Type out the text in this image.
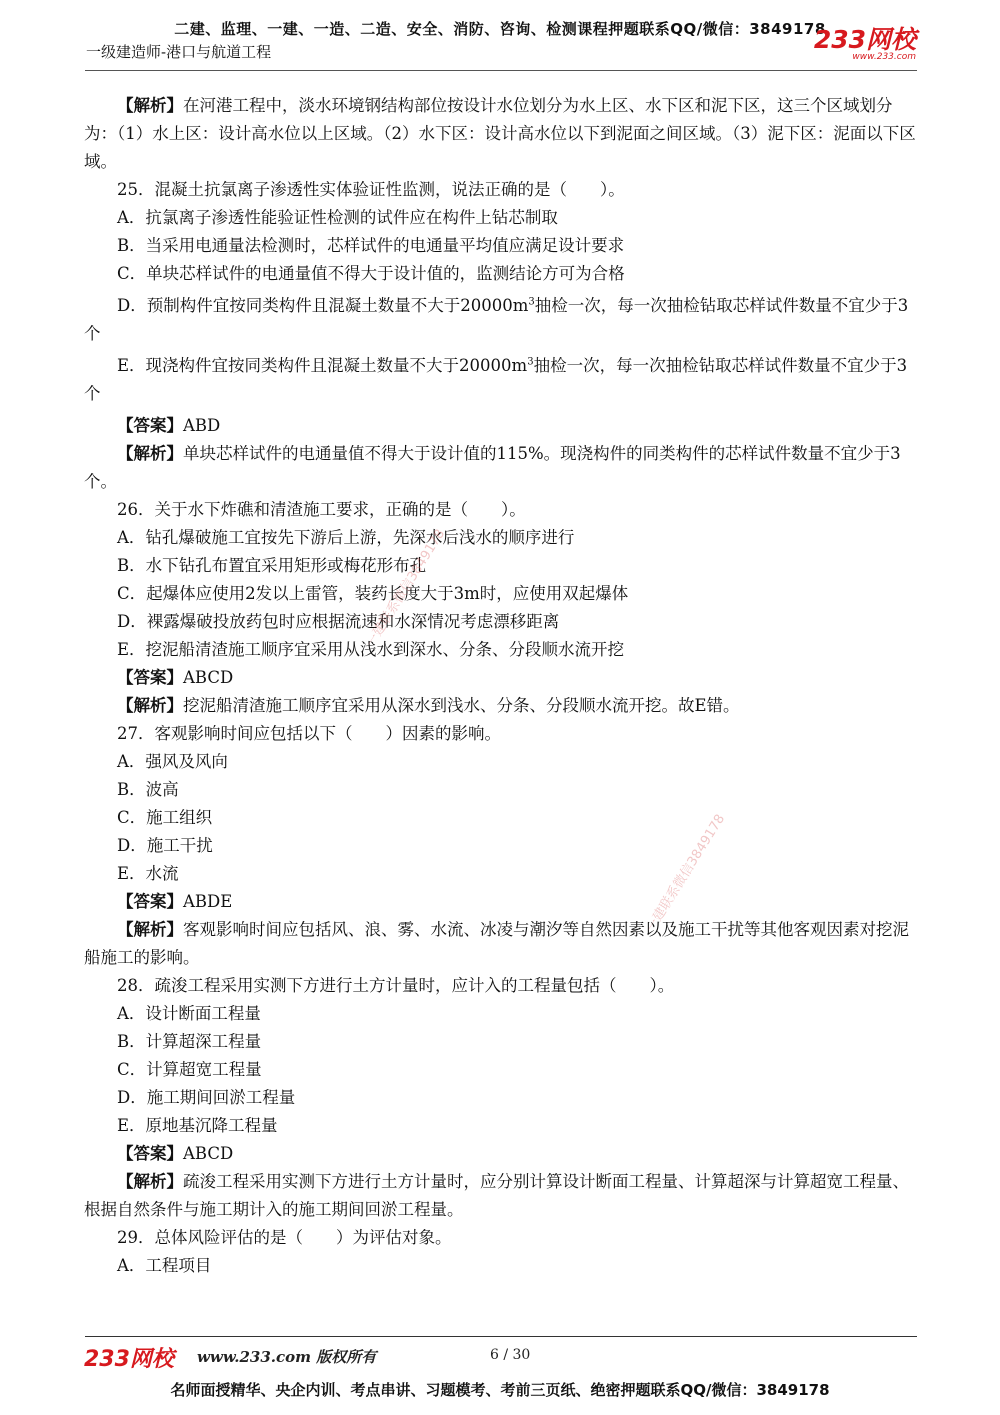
二建、监理、一建、一造、二造、安全、消防、咨询、检测课程押题联系QQ/微信：3849178
一级建造师-港口与航道工程	233网校
www.233.com
【解析】在河港工程中，淡水环境钢结构部位按设计水位划分为水上区、水下区和泥下区，这三个区域划分为：（1）水上区：设计高水位以上区域。（2）水下区：设计高水位以下到泥面之间区域。（3）泥下区：泥面以下区域。
25．混凝土抗氯离子渗透性实体验证性监测，说法正确的是（　　）。
A．抗氯离子渗透性能验证性检测的试件应在构件上钻芯制取
B．当采用电通量法检测时，芯样试件的电通量平均值应满足设计要求
C．单块芯样试件的电通量值不得大于设计值的，监测结论方可为合格
D．预制构件宜按同类构件且混凝土数量不大于$20000m^3$抽检一次，每一次抽检钻取芯样试件数量不宜少于3个
E．现浇构件宜按同类构件且混凝土数量不大于$20000m^3$抽检一次，每一次抽检钻取芯样试件数量不宜少于3个
【答案】ABD
【解析】单块芯样试件的电通量值不得大于设计值的115%。现浇构件的同类构件的芯样试件数量不宜少于3个。
26．关于水下炸礁和清渣施工要求，正确的是（　　）。
A．钻孔爆破施工宜按先下游后上游，先深水后浅水的顺序进行
B．水下钻孔布置宜采用矩形或梅花形布孔
C．起爆体应使用2发以上雷管，装药长度大于3m时，应使用双起爆体
D．裸露爆破投放药包时应根据流速和水深情况考虑漂移距离
E．挖泥船清渣施工顺序宜采用从浅水到深水、分条、分段顺水流开挖
【答案】ABCD
【解析】挖泥船清渣施工顺序宜采用从深水到浅水、分条、分段顺水流开挖。故E错。
27．客观影响时间应包括以下（　　）因素的影响。
A．强风及风向
B．波高
C．施工组织
D．施工干扰
E．水流
【答案】ABDE
【解析】客观影响时间应包括风、浪、雾、水流、冰凌与潮汐等自然因素以及施工干扰等其他客观因素对挖泥船施工的影响。
28．疏浚工程采用实测下方进行土方计量时，应计入的工程量包括（　　）。
A．设计断面工程量
B．计算超深工程量
C．计算超宽工程量
D．施工期间回淤工程量
E．原地基沉降工程量
【答案】ABCD
【解析】疏浚工程采用实测下方进行土方计量时，应分别计算设计断面工程量、计算超深与计算超宽工程量、根据自然条件与施工期计入的施工期间回淤工程量。
29．总体风险评估的是（　　）为评估对象。
A．工程项目
一建联系微信3849178
一建联系微信3849178
233网校 www.233.com 版权所有	6 / 30
名师面授精华、央企内训、考点串讲、习题模考、考前三页纸、绝密押题联系QQ/微信：3849178
